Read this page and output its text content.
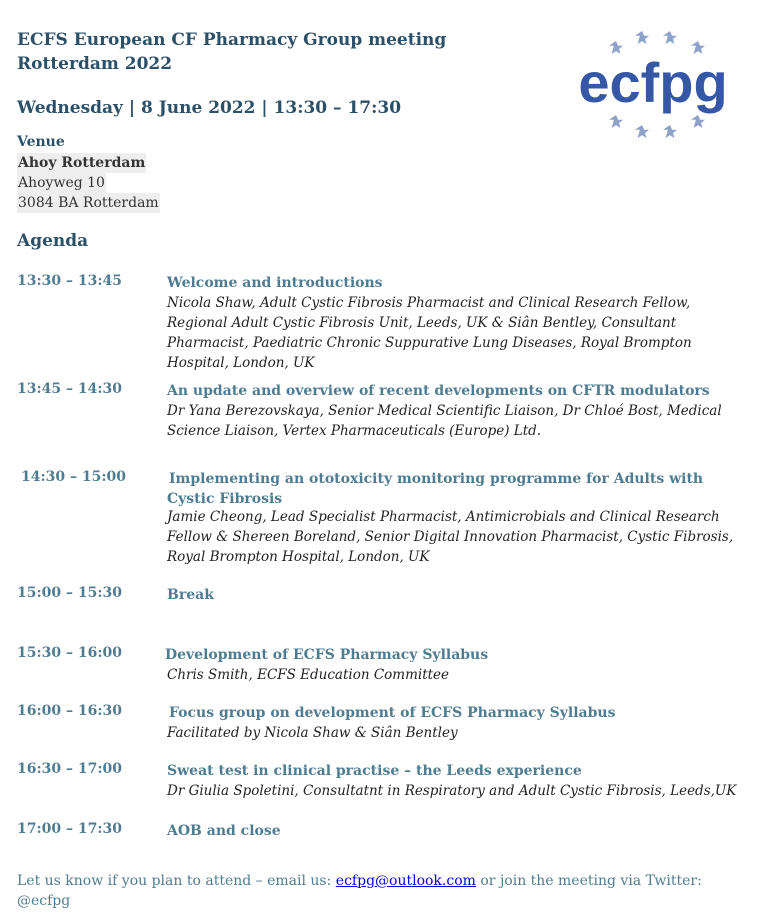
ECFS European CF Pharmacy Group meeting Rotterdam 2022
Wednesday | 8 June 2022 | 13:30 – 17:30	ecfpg
Venue
Ahoy Rotterdam
Ahoyweg 10
3084 BA Rotterdam
Agenda
13:30 – 13:45	Welcome and introductions
Nicola Shaw, Adult Cystic Fibrosis Pharmacist and Clinical Research Fellow, Regional Adult Cystic Fibrosis Unit, Leeds, UK & Siân Bentley, Consultant Pharmacist, Paediatric Chronic Suppurative Lung Diseases, Royal Brompton Hospital, London, UK
13:45 – 14:30	An update and overview of recent developments on CFTR modulators
Dr Yana Berezovskaya, Senior Medical Scientific Liaison, Dr Chloé Bost, Medical Science Liaison, Vertex Pharmaceuticals (Europe) Ltd.
14:30 – 15:00	Implementing an ototoxicity monitoring programme for Adults with Cystic Fibrosis
Jamie Cheong, Lead Specialist Pharmacist, Antimicrobials and Clinical Research Fellow & Shereen Boreland, Senior Digital Innovation Pharmacist, Cystic Fibrosis, Royal Brompton Hospital, London, UK
15:00 – 15:30	Break
15:30 – 16:00	Development of ECFS Pharmacy Syllabus
Chris Smith, ECFS Education Committee
16:00 – 16:30	Focus group on development of ECFS Pharmacy Syllabus
Facilitated by Nicola Shaw & Siân Bentley
16:30 – 17:00	Sweat test in clinical practise – the Leeds experience
Dr Giulia Spoletini, Consultatnt in Respiratory and Adult Cystic Fibrosis, Leeds,UK
17:00 – 17:30	AOB and close
Let us know if you plan to attend – email us: ecfpg@outlook.com or join the meeting via Twitter: @ecfpg
